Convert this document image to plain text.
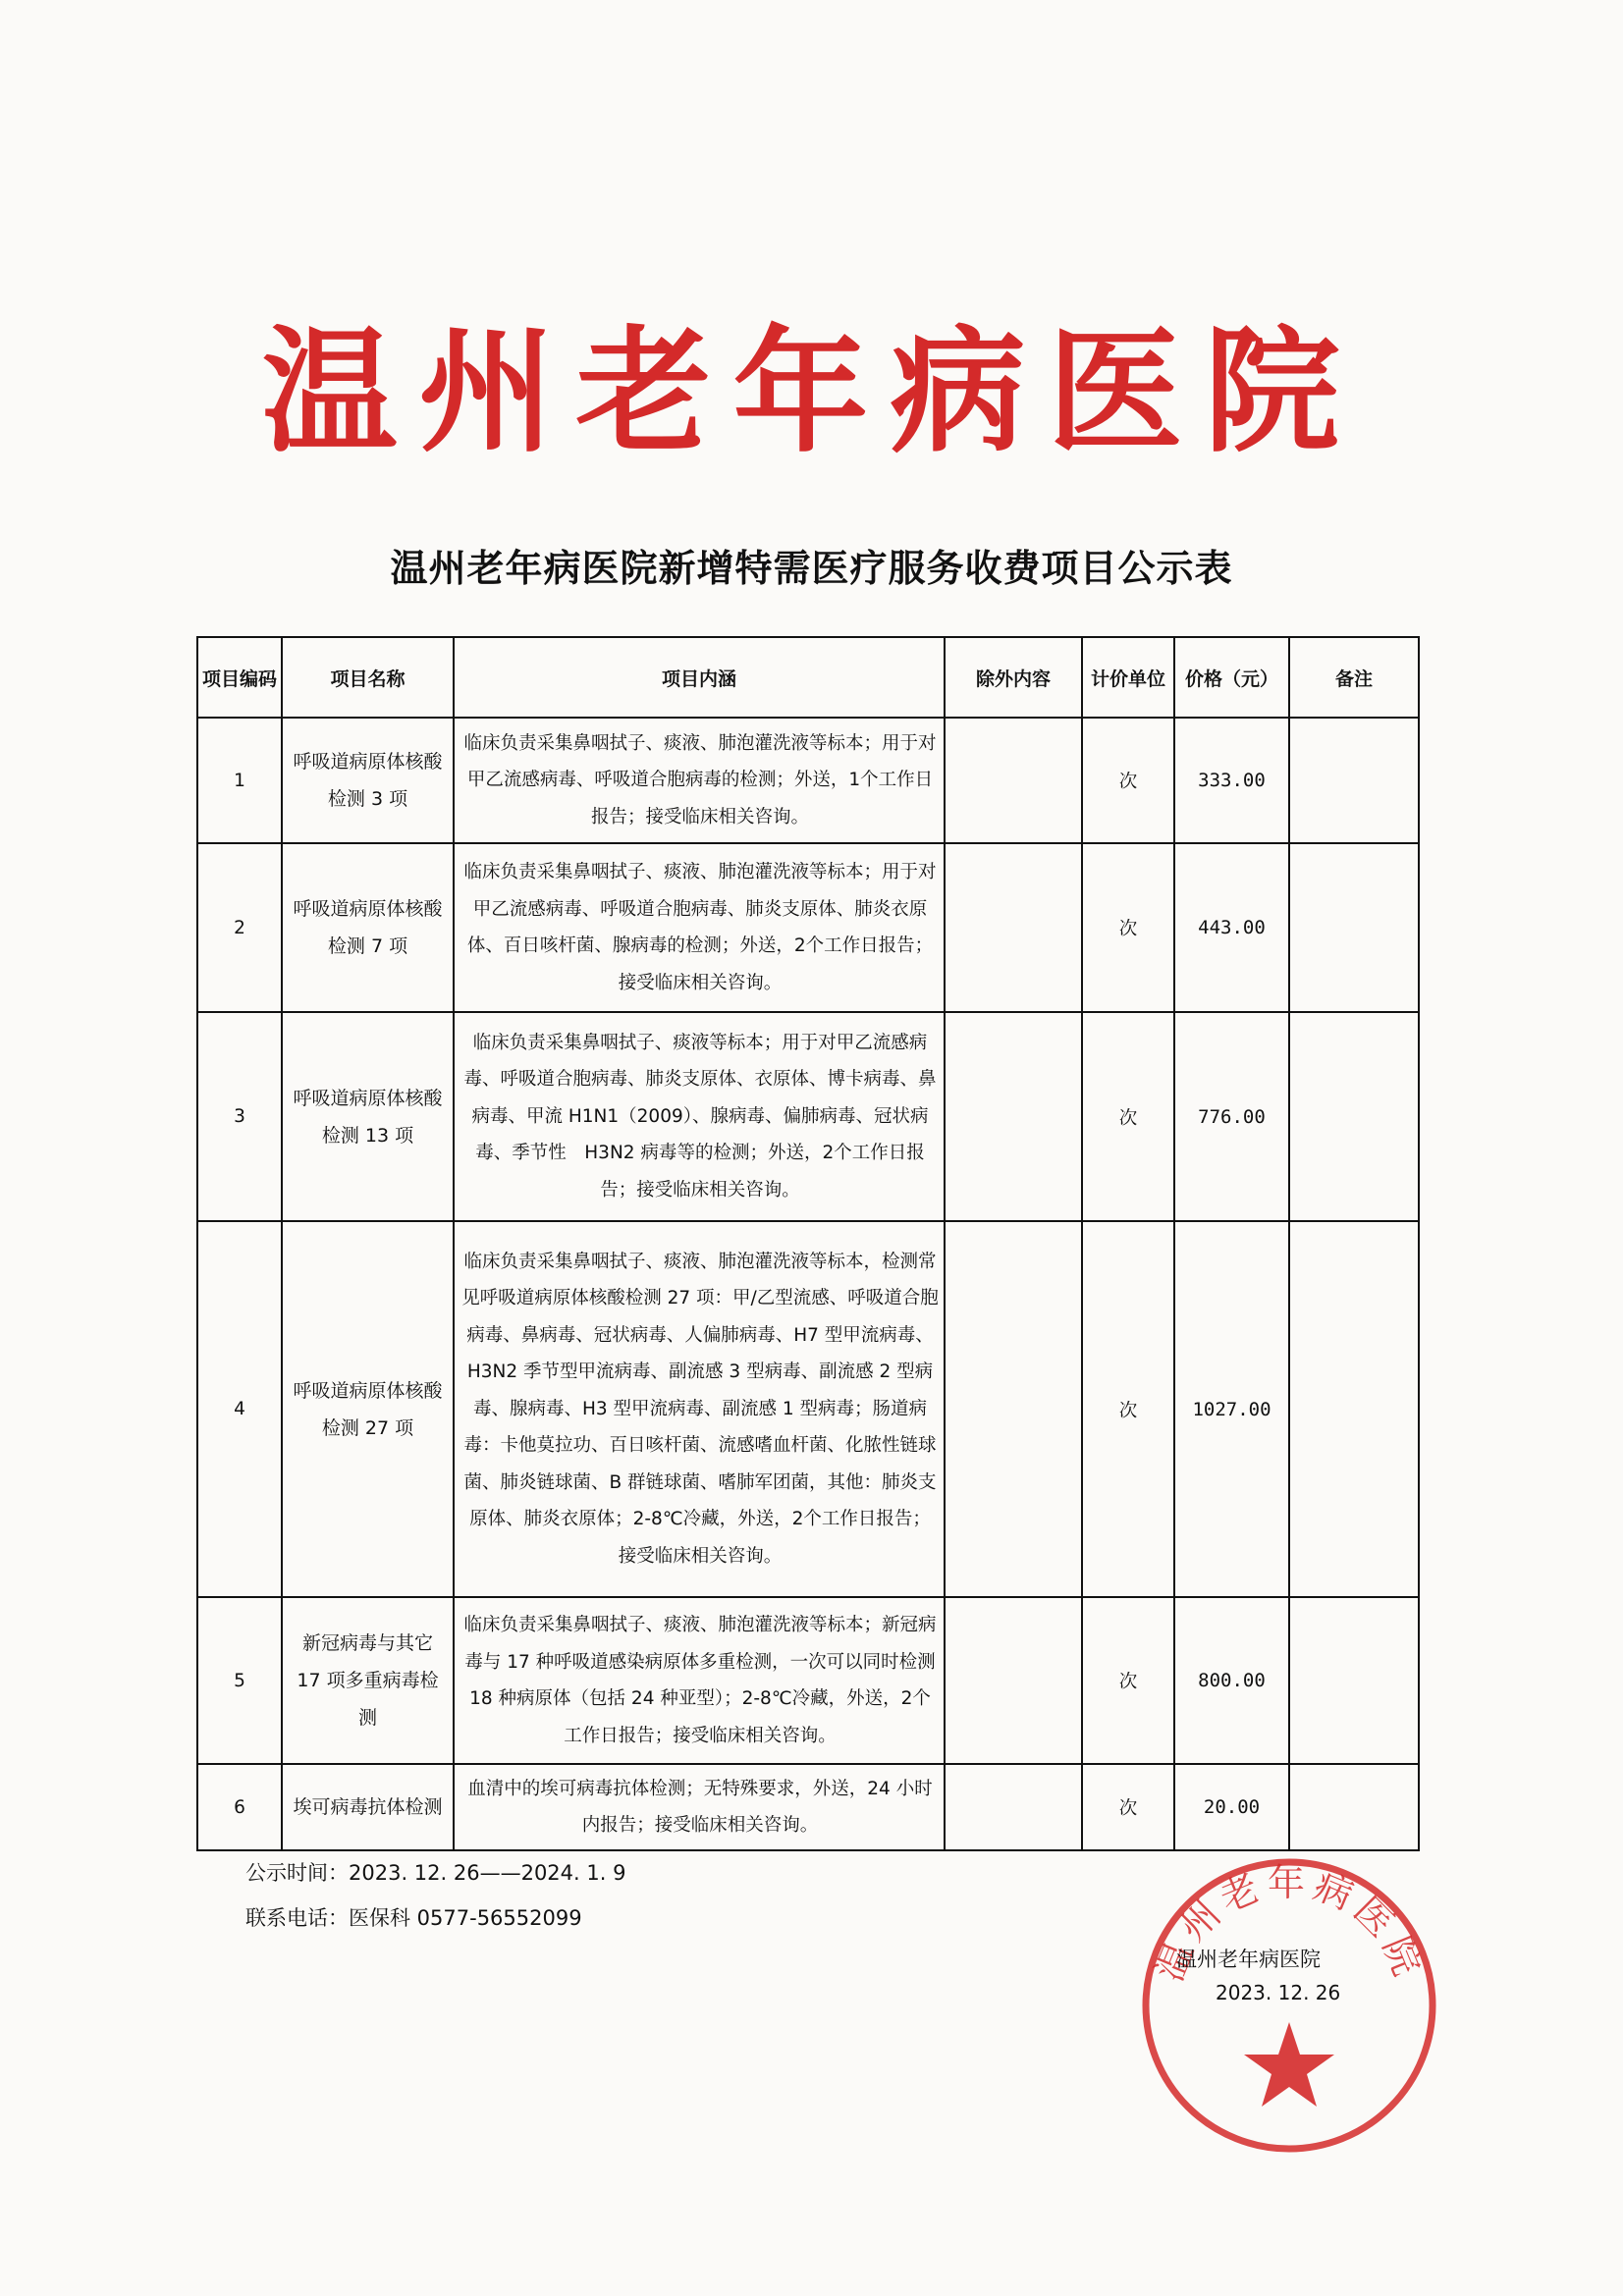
温州老年病医院
温州老年病医院新增特需医疗服务收费项目公示表
项目编码	项目名称	项目内涵	除外内容	计价单位	价格（元）	备注
1	呼吸道病原体核酸检测 3 项	临床负责采集鼻咽拭子、痰液、肺泡灌洗液等标本；用于对甲乙流感病毒、呼吸道合胞病毒的检测；外送，1个工作日报告；接受临床相关咨询。		次	333.00	
2	呼吸道病原体核酸检测 7 项	临床负责采集鼻咽拭子、痰液、肺泡灌洗液等标本；用于对甲乙流感病毒、呼吸道合胞病毒、肺炎支原体、肺炎衣原体、百日咳杆菌、腺病毒的检测；外送，2个工作日报告；接受临床相关咨询。		次	443.00	
3	呼吸道病原体核酸检测 13 项	临床负责采集鼻咽拭子、痰液等标本；用于对甲乙流感病毒、呼吸道合胞病毒、肺炎支原体、衣原体、博卡病毒、鼻病毒、甲流 H1N1（2009）、腺病毒、偏肺病毒、冠状病毒、季节性　H3N2 病毒等的检测；外送，2个工作日报告；接受临床相关咨询。		次	776.00	
4	呼吸道病原体核酸检测 27 项	临床负责采集鼻咽拭子、痰液、肺泡灌洗液等标本，检测常见呼吸道病原体核酸检测 27 项：甲/乙型流感、呼吸道合胞病毒、鼻病毒、冠状病毒、人偏肺病毒、H7 型甲流病毒、H3N2 季节型甲流病毒、副流感 3 型病毒、副流感 2 型病毒、腺病毒、H3 型甲流病毒、副流感 1 型病毒；肠道病毒：卡他莫拉功、百日咳杆菌、流感嗜血杆菌、化脓性链球菌、肺炎链球菌、B 群链球菌、嗜肺军团菌，其他：肺炎支原体、肺炎衣原体；2-8℃冷藏，外送，2个工作日报告；接受临床相关咨询。		次	1027.00	
5	新冠病毒与其它 17 项多重病毒检测	临床负责采集鼻咽拭子、痰液、肺泡灌洗液等标本；新冠病毒与 17 种呼吸道感染病原体多重检测，一次可以同时检测 18 种病原体（包括 24 种亚型）；2-8℃冷藏，外送，2个工作日报告；接受临床相关咨询。		次	800.00	
6	埃可病毒抗体检测	血清中的埃可病毒抗体检测；无特殊要求，外送，24 小时内报告；接受临床相关咨询。		次	20.00	
公示时间：2023. 12. 26——2024. 1. 9
联系电话：医保科 0577-56552099
温州老年病医院
温州老年病医院
2023. 12. 26
